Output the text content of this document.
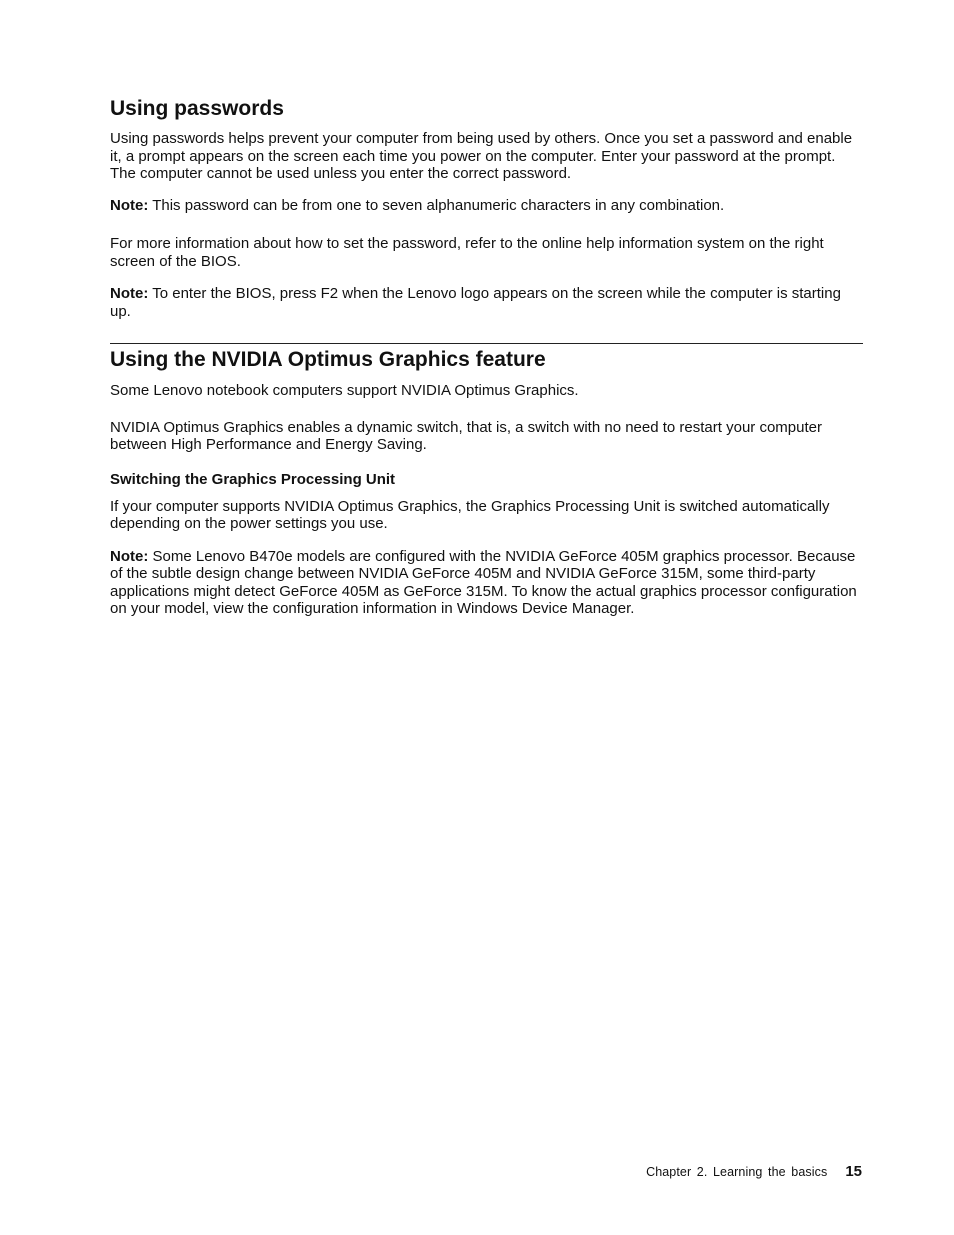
Using passwords

Using passwords helps prevent your computer from being used by others. Once you set a password and enable it, a prompt appears on the screen each time you power on the computer. Enter your password at the prompt. The computer cannot be used unless you enter the correct password.

Note: This password can be from one to seven alphanumeric characters in any combination.

For more information about how to set the password, refer to the online help information system on the right screen of the BIOS.

Note: To enter the BIOS, press F2 when the Lenovo logo appears on the screen while the computer is starting up.

Using the NVIDIA Optimus Graphics feature

Some Lenovo notebook computers support NVIDIA Optimus Graphics.

NVIDIA Optimus Graphics enables a dynamic switch, that is, a switch with no need to restart your computer between High Performance and Energy Saving.

Switching the Graphics Processing Unit

If your computer supports NVIDIA Optimus Graphics, the Graphics Processing Unit is switched automatically depending on the power settings you use.

Note: Some Lenovo B470e models are configured with the NVIDIA GeForce 405M graphics processor. Because of the subtle design change between NVIDIA GeForce 405M and NVIDIA GeForce 315M, some third-party applications might detect GeForce 405M as GeForce 315M. To know the actual graphics processor configuration on your model, view the configuration information in Windows Device Manager.

Chapter 2. Learning the basics 15
